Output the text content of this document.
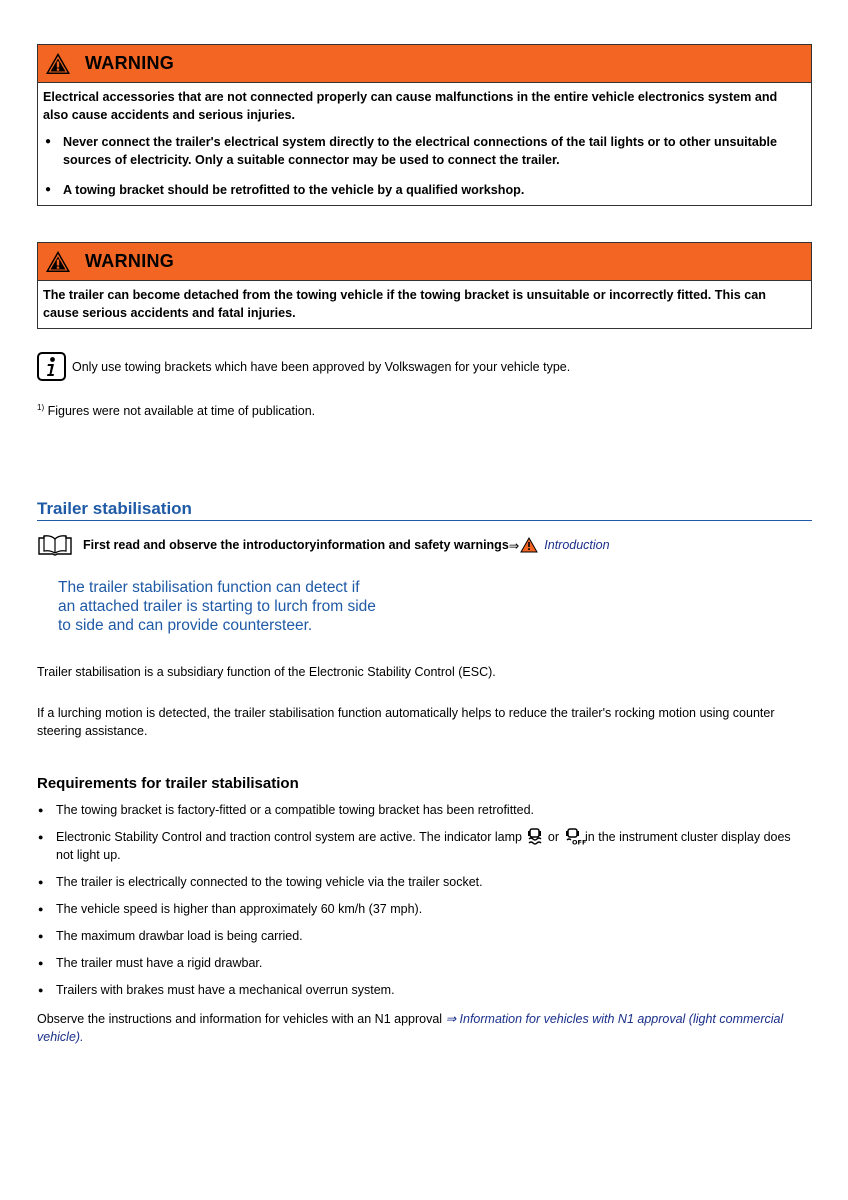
WARNING

Electrical accessories that are not connected properly can cause malfunctions in the entire vehicle electronics system and also cause accidents and serious injuries.

● Never connect the trailer's electrical system directly to the electrical connections of the tail lights or to other unsuitable sources of electricity. Only a suitable connector may be used to connect the trailer.
● A towing bracket should be retrofitted to the vehicle by a qualified workshop.
WARNING

The trailer can become detached from the towing vehicle if the towing bracket is unsuitable or incorrectly fitted. This can cause serious accidents and fatal injuries.

Only use towing brackets which have been approved by Volkswagen for your vehicle type.
$^{1)}$ Figures were not available at time of publication.
Trailer stabilisation
First read and observe the introductoryinformation and safety warnings ⇒ Introduction
The trailer stabilisation function can detect if an attached trailer is starting to lurch from side to side and can provide countersteer.
Trailer stabilisation is a subsidiary function of the Electronic Stability Control (ESC).
If a lurching motion is detected, the trailer stabilisation function automatically helps to reduce the trailer's rocking motion using counter steering assistance.
Requirements for trailer stabilisation
● The towing bracket is factory-fitted or a compatible towing bracket has been retrofitted.
● Electronic Stability Control and traction control system are active. The indicator lamp or OFF in the instrument cluster display does not light up.
● The trailer is electrically connected to the towing vehicle via the trailer socket.
● The vehicle speed is higher than approximately 60 km/h (37 mph).
● The maximum drawbar load is being carried.
● The trailer must have a rigid drawbar.
● Trailers with brakes must have a mechanical overrun system.
Observe the instructions and information for vehicles with an N1 approval ⇒ Information for vehicles with N1 approval (light commercial vehicle).
